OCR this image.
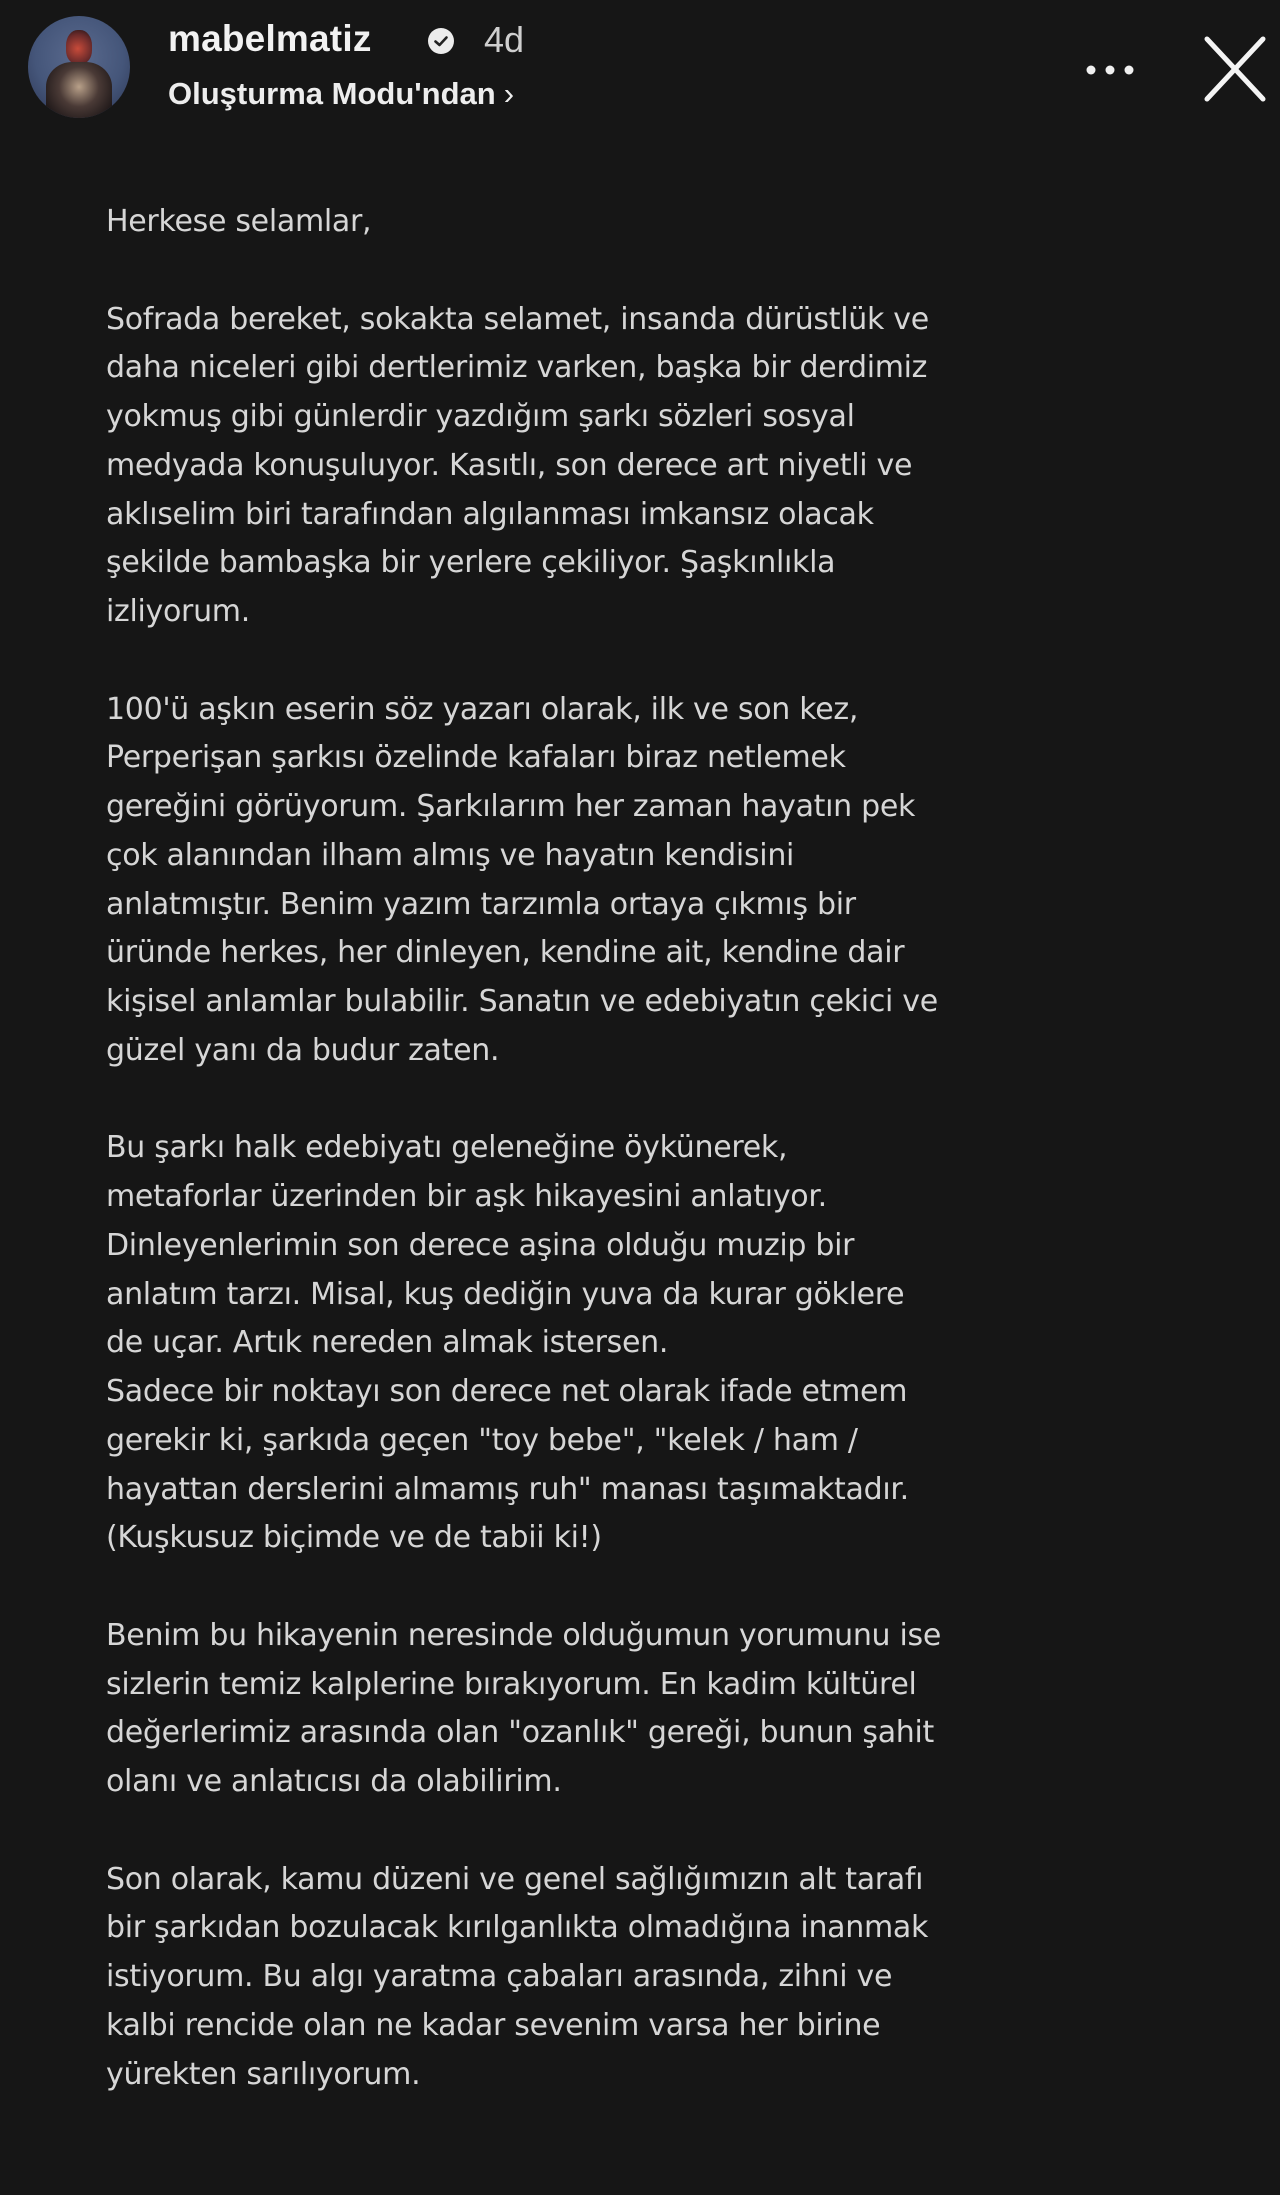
mabelmatiz	4d
Oluşturma Modu'ndan ›
Herkese selamlar,
Sofrada bereket, sokakta selamet, insanda dürüstlük ve
daha niceleri gibi dertlerimiz varken, başka bir derdimiz
yokmuş gibi günlerdir yazdığım şarkı sözleri sosyal
medyada konuşuluyor. Kasıtlı, son derece art niyetli ve
aklıselim biri tarafından algılanması imkansız olacak
şekilde bambaşka bir yerlere çekiliyor. Şaşkınlıkla
izliyorum.
100'ü aşkın eserin söz yazarı olarak, ilk ve son kez,
Perperişan şarkısı özelinde kafaları biraz netlemek
gereğini görüyorum. Şarkılarım her zaman hayatın pek
çok alanından ilham almış ve hayatın kendisini
anlatmıştır. Benim yazım tarzımla ortaya çıkmış bir
üründe herkes, her dinleyen, kendine ait, kendine dair
kişisel anlamlar bulabilir. Sanatın ve edebiyatın çekici ve
güzel yanı da budur zaten.
Bu şarkı halk edebiyatı geleneğine öykünerek,
metaforlar üzerinden bir aşk hikayesini anlatıyor.
Dinleyenlerimin son derece aşina olduğu muzip bir
anlatım tarzı. Misal, kuş dediğin yuva da kurar göklere
de uçar. Artık nereden almak istersen.
Sadece bir noktayı son derece net olarak ifade etmem
gerekir ki, şarkıda geçen "toy bebe", "kelek / ham /
hayattan derslerini almamış ruh" manası taşımaktadır.
(Kuşkusuz biçimde ve de tabii ki!)
Benim bu hikayenin neresinde olduğumun yorumunu ise
sizlerin temiz kalplerine bırakıyorum. En kadim kültürel
değerlerimiz arasında olan "ozanlık" gereği, bunun şahit
olanı ve anlatıcısı da olabilirim.
Son olarak, kamu düzeni ve genel sağlığımızın alt tarafı
bir şarkıdan bozulacak kırılganlıkta olmadığına inanmak
istiyorum. Bu algı yaratma çabaları arasında, zihni ve
kalbi rencide olan ne kadar sevenim varsa her birine
yürekten sarılıyorum.
